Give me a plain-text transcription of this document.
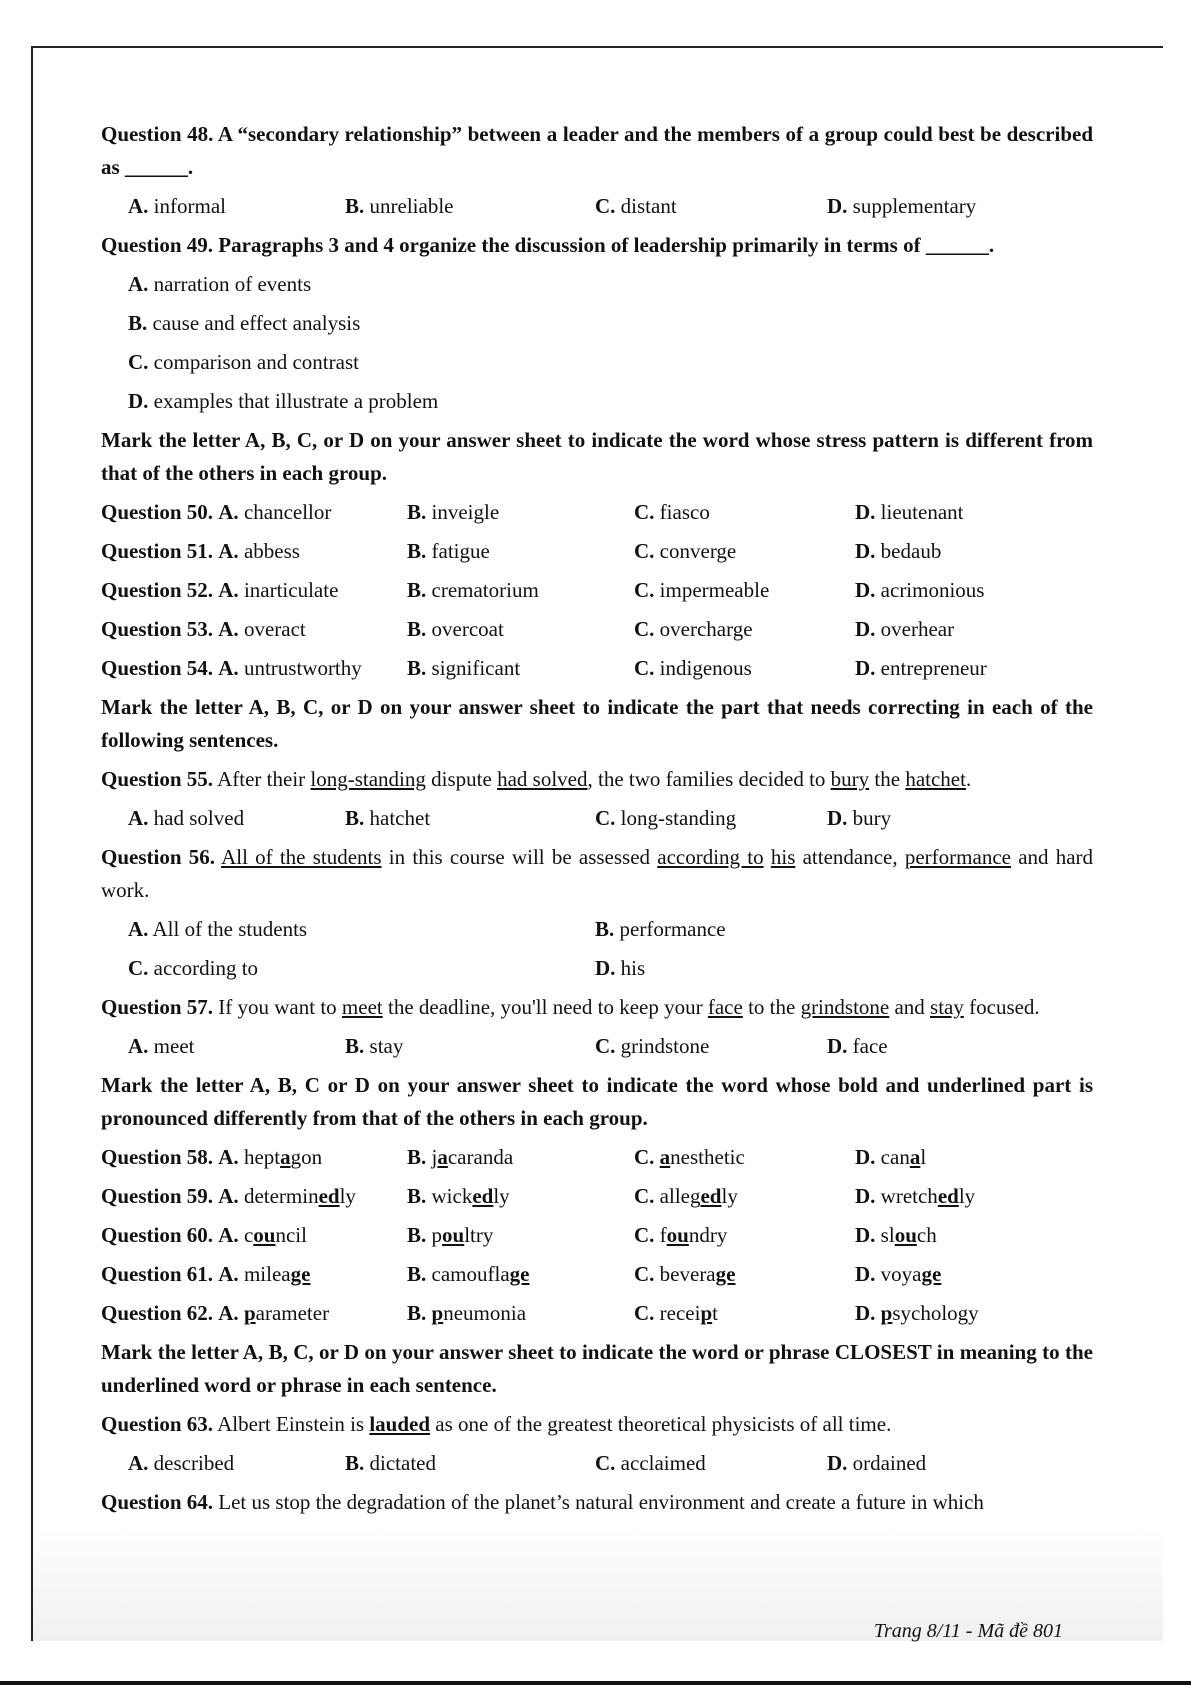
Question 48. A “secondary relationship” between a leader and the members of a group could best be described as ______.
A. informal	B. unreliable	C. distant	D. supplementary
Question 49. Paragraphs 3 and 4 organize the discussion of leadership primarily in terms of ______.
A. narration of events
B. cause and effect analysis
C. comparison and contrast
D. examples that illustrate a problem
Mark the letter A, B, C, or D on your answer sheet to indicate the word whose stress pattern is different from that of the others in each group.
Question 50. A. chancellor	B. inveigle	C. fiasco	D. lieutenant
Question 51. A. abbess	B. fatigue	C. converge	D. bedaub
Question 52. A. inarticulate	B. crematorium	C. impermeable	D. acrimonious
Question 53. A. overact	B. overcoat	C. overcharge	D. overhear
Question 54. A. untrustworthy B. significant	C. indigenous	D. entrepreneur
Mark the letter A, B, C, or D on your answer sheet to indicate the part that needs correcting in each of the following sentences.
Question 55. After their long-standing dispute had solved, the two families decided to bury the hatchet.
A. had solved	B. hatchet	C. long-standing	D. bury
Question 56. All of the students in this course will be assessed according to his attendance, performance and hard work.
A. All of the students	B. performance
C. according to	D. his
Question 57. If you want to meet the deadline, you'll need to keep your face to the grindstone and stay focused.
A. meet	B. stay	C. grindstone	D. face
Mark the letter A, B, C or D on your answer sheet to indicate the word whose bold and underlined part is pronounced differently from that of the others in each group.
Question 58. A. heptagon	B. jacaranda	C. anesthetic	D. canal
Question 59. A. determinedly B. wickedly	C. allegedly	D. wretchedly
Question 60. A. council	B. poultry	C. foundry	D. slouch
Question 61. A. mileage	B. camouflage	C. beverage	D. voyage
Question 62. A. parameter	B. pneumonia	C. receipt	D. psychology
Mark the letter A, B, C, or D on your answer sheet to indicate the word or phrase CLOSEST in meaning to the underlined word or phrase in each sentence.
Question 63. Albert Einstein is lauded as one of the greatest theoretical physicists of all time.
A. described	B. dictated	C. acclaimed	D. ordained
Question 64. Let us stop the degradation of the planet’s natural environment and create a future in which
Trang 8/11 - Mã đề 801
